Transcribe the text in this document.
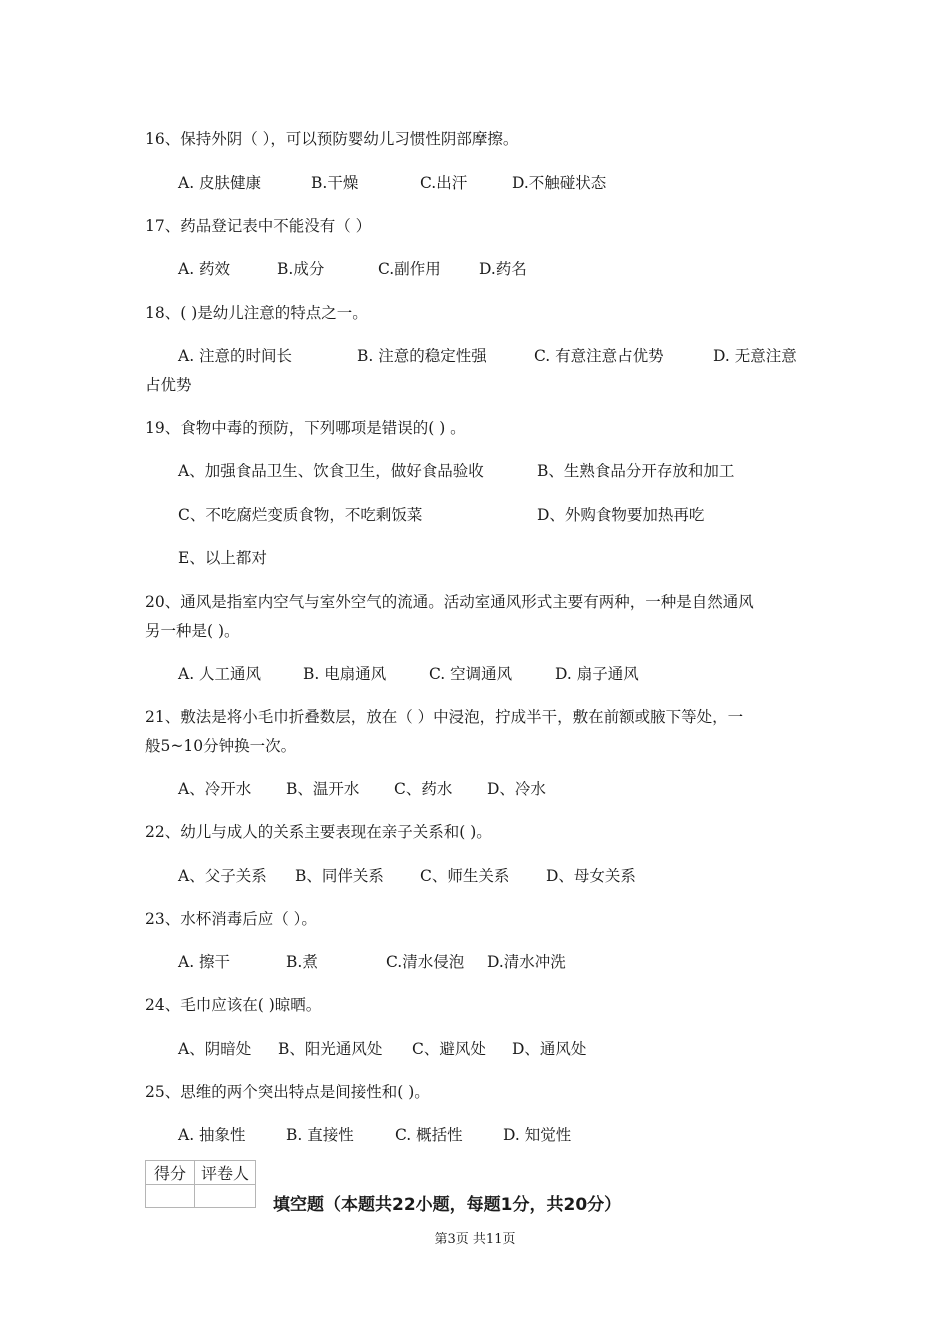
16、保持外阴（ ），可以预防婴幼儿习惯性阴部摩擦。
A. 皮肤健康	B.干燥	C.出汗	D.不触碰状态
17、药品登记表中不能没有（ ）
A. 药效	B.成分	C.副作用 D.药名
18、( )是幼儿注意的特点之一。
A. 注意的时间长	B. 注意的稳定性强	C. 有意注意占优势	D. 无意注意
占优势
19、食物中毒的预防，下列哪项是错误的( ) 。
A、加强食品卫生、饮食卫生，做好食品验收	B、生熟食品分开存放和加工
C、不吃腐烂变质食物，不吃剩饭菜	D、外购食物要加热再吃
E、以上都对
20、通风是指室内空气与室外空气的流通。活动室通风形式主要有两种，一种是自然通风
另一种是( )。
A. 人工通风	B. 电扇通风	C. 空调通风	D. 扇子通风
21、敷法是将小毛巾折叠数层，放在（ ）中浸泡，拧成半干，敷在前额或腋下等处，一
般5~10分钟换一次。
A、冷开水 B、温开水 C、药水 D、冷水
22、幼儿与成人的关系主要表现在亲子关系和( )。
A、父子关系 B、同伴关系 C、师生关系 D、母女关系
23、水杯消毒后应（ ）。
A. 擦干	B.煮	C.清水侵泡 D.清水冲洗
24、毛巾应该在( )晾晒。
A、阴暗处 B、阳光通风处 C、避风处 D、通风处
25、思维的两个突出特点是间接性和( )。
A. 抽象性	B. 直接性	C. 概括性	D. 知觉性
得分	评卷人

填空题（本题共22小题，每题1分，共20分）
第3页 共11页
